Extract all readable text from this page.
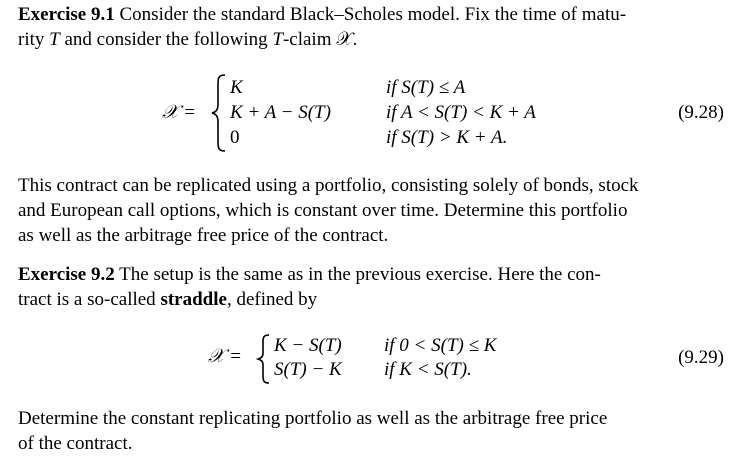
Exercise 9.1 Consider the standard Black–Scholes model. Fix the time of matu-
rity T and consider the following T-claim 𝒳.
𝒳 =
K	if S(T) ≤ A
K + A − S(T)	if A < S(T) < K + A
0	if S(T) > K + A.
(9.28)
This contract can be replicated using a portfolio, consisting solely of bonds, stock
and European call options, which is constant over time. Determine this portfolio
as well as the arbitrage free price of the contract.
Exercise 9.2 The setup is the same as in the previous exercise. Here the con-
tract is a so-called straddle, defined by
𝒳 =
K − S(T) if 0 < S(T) ≤ K
S(T) − K if K < S(T).
(9.29)
Determine the constant replicating portfolio as well as the arbitrage free price
of the contract.
